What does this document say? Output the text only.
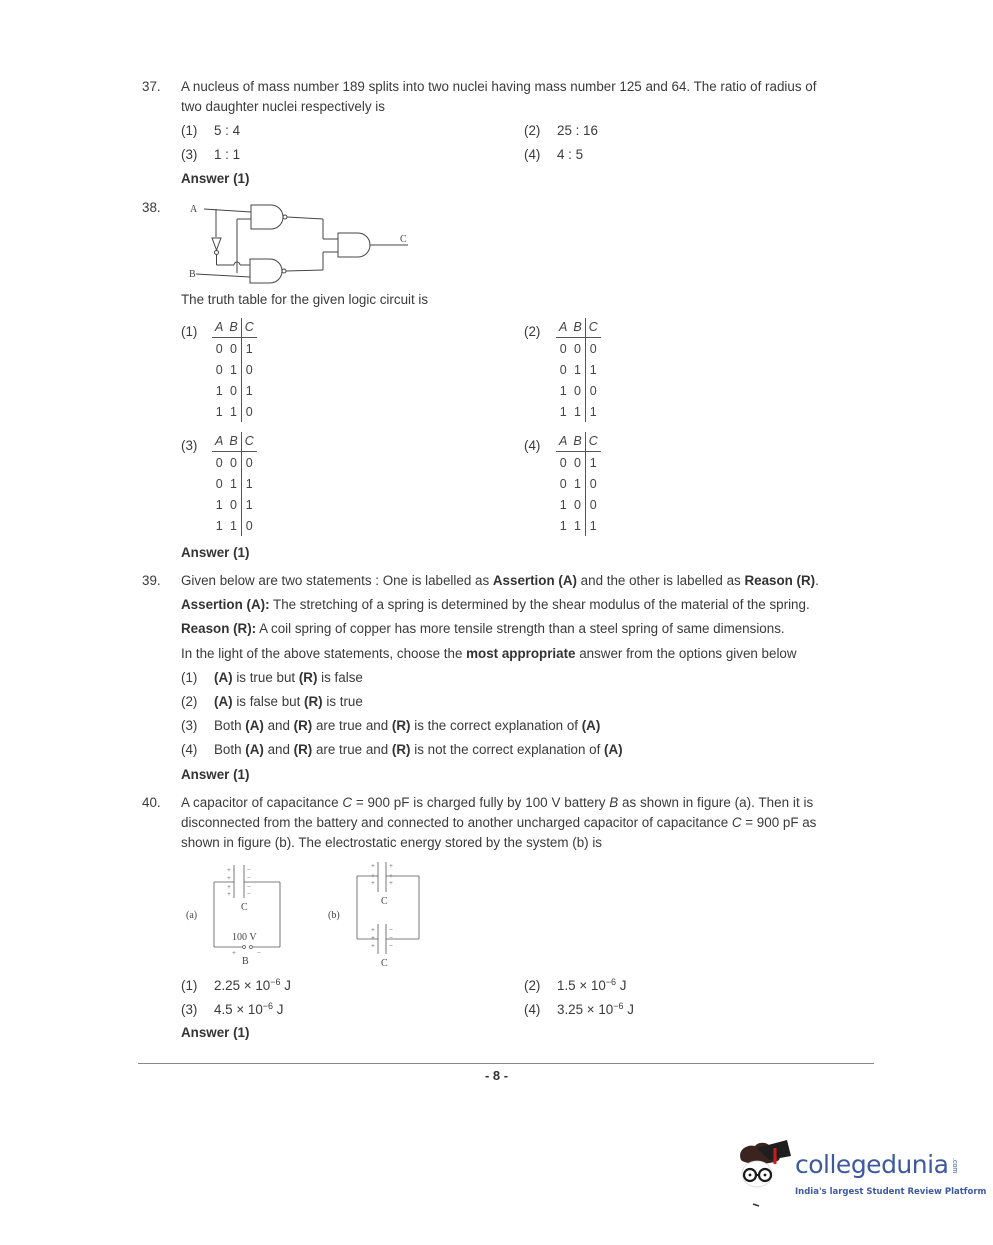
37. A nucleus of mass number 189 splits into two nuclei having mass number 125 and 64. The ratio of radius of
two daughter nuclei respectively is
(1) 5 : 4	(2) 25 : 16
(3) 1 : 1	(4) 4 : 5
Answer (1)
38.	A
B
C
The truth table for the given logic circuit is
(1) A	B	C
0	0	1
0	1	0
1	0	1
1	1	0
(2) A	B	C
0	0	0
0	1	1
1	0	0
1	1	1
(3) A	B	C
0	0	0
0	1	1
1	0	1
1	1	0
(4) A	B	C
0	0	1
0	1	0
1	0	0
1	1	1
Answer (1)
39. Given below are two statements : One is labelled as Assertion (A) and the other is labelled as Reason (R).
Assertion (A): The stretching of a spring is determined by the shear modulus of the material of the spring.
Reason (R): A coil spring of copper has more tensile strength than a steel spring of same dimensions.
In the light of the above statements, choose the most appropriate answer from the options given below
(1) (A) is true but (R) is false
(2) (A) is false but (R) is true
(3) Both (A) and (R) are true and (R) is the correct explanation of (A)
(4) Both (A) and (R) are true and (R) is not the correct explanation of (A)
Answer (1)
40. A capacitor of capacitance C = 900 pF is charged fully by 100 V battery B as shown in figure (a). Then it is
disconnected from the battery and connected to another uncharged capacitor of capacitance C = 900 pF as
shown in figure (b). The electrostatic energy stored by the system (b) is
+
+
+
+
−
−
−
−
+	−
(a)
C
100 V
B
+
+
+
+
+
+
+
+
+
−
−
−
(b)
C
C
(1) $2.25 \times 10^{-6}$ J	(2) $1.5 \times 10^{-6}$ J
(3) $4.5 \times 10^{-6}$ J	(4) $3.25 \times 10^{-6}$ J
Answer (1)
- 8 -
collegedunia .com
India's largest Student Review Platform
